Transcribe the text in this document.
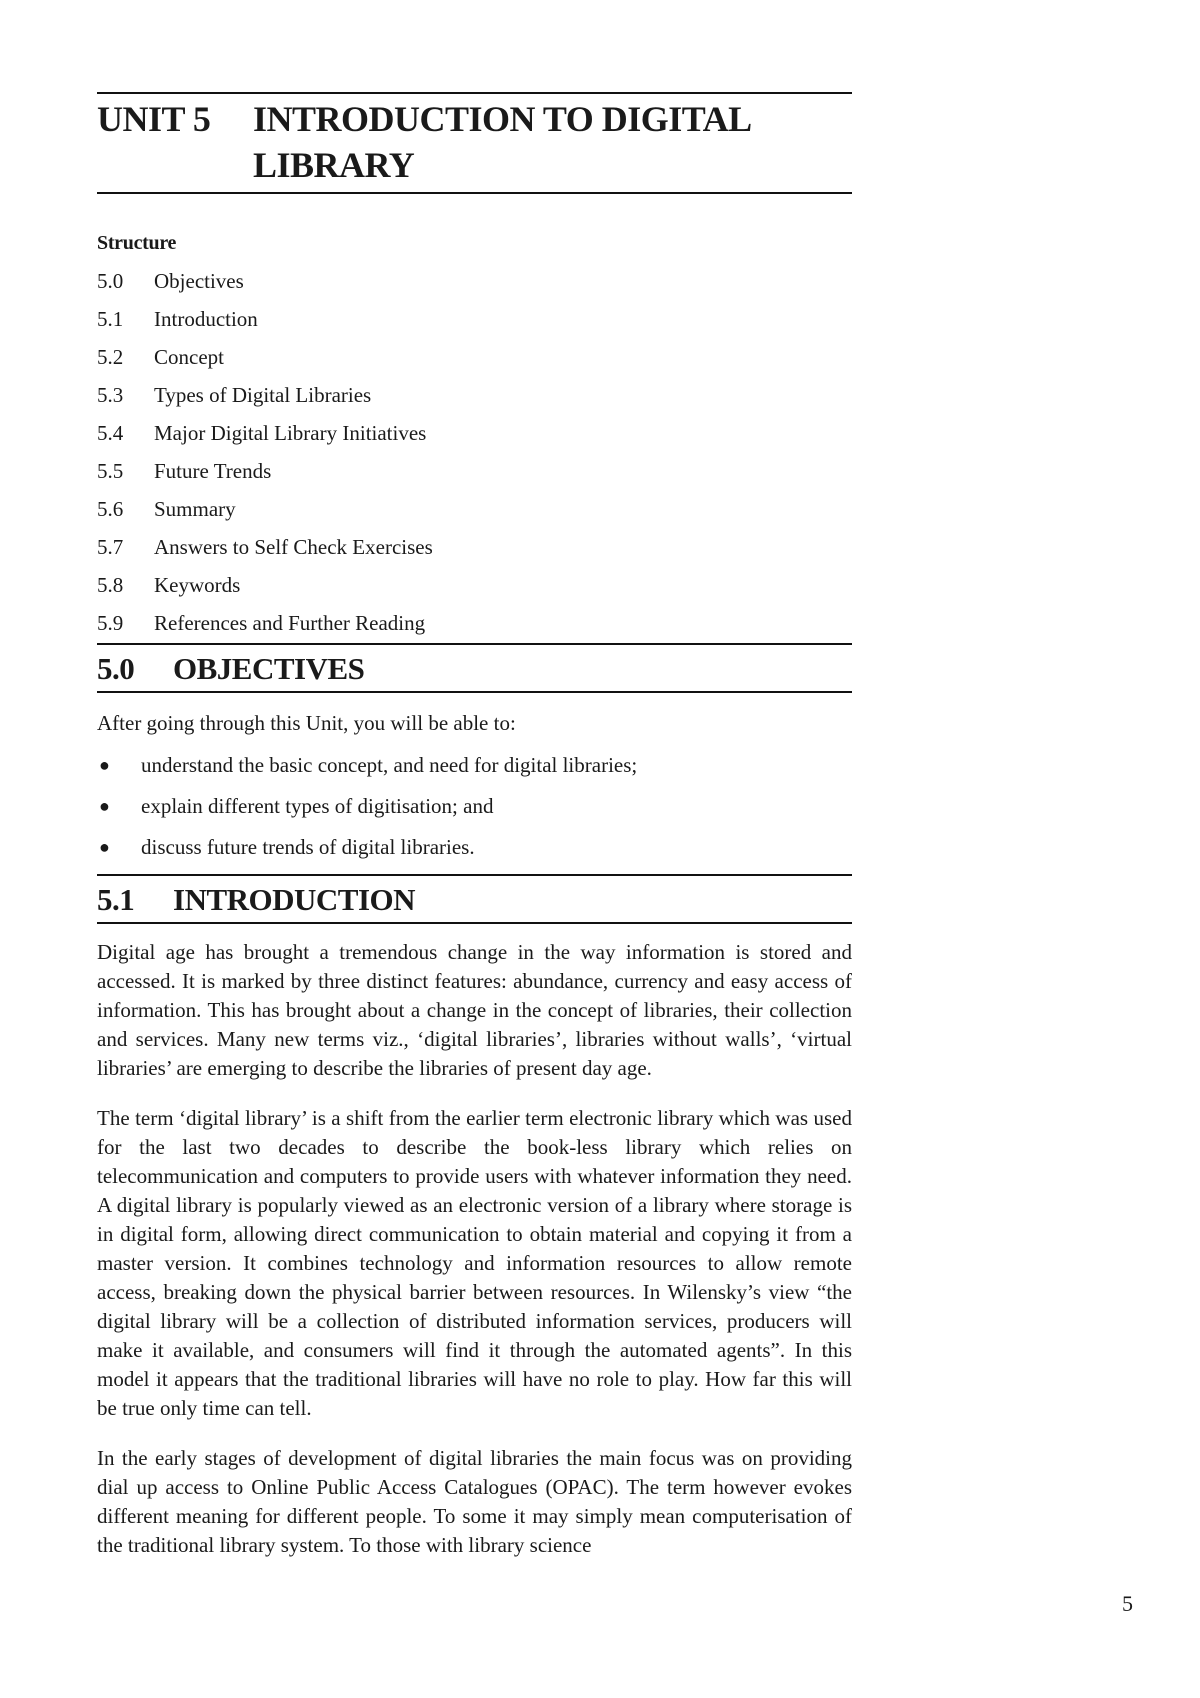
UNIT 5	INTRODUCTION TO DIGITAL
LIBRARY
Structure
5.0	Objectives
5.1	Introduction
5.2	Concept
5.3	Types of Digital Libraries
5.4	Major Digital Library Initiatives
5.5	Future Trends
5.6	Summary
5.7	Answers to Self Check Exercises
5.8	Keywords
5.9	References and Further Reading
5.0	OBJECTIVES

After going through this Unit, you will be able to:

●	understand the basic concept, and need for digital libraries;
●	explain different types of digitisation; and
●	discuss future trends of digital libraries.
5.1	INTRODUCTION

Digital age has brought a tremendous change in the way information is stored and accessed. It is marked by three distinct features: abundance, currency and easy access of information. This has brought about a change in the concept of libraries, their collection and services. Many new terms viz., ‘digital libraries’, libraries without walls’, ‘virtual libraries’ are emerging to describe the libraries of present day age.

The term ‘digital library’ is a shift from the earlier term electronic library which was used for the last two decades to describe the book-less library which relies on telecommunication and computers to provide users with whatever information they need. A digital library is popularly viewed as an electronic version of a library where storage is in digital form, allowing direct communication to obtain material and copying it from a master version. It combines technology and information resources to allow remote access, breaking down the physical barrier between resources. In Wilensky’s view “the digital library will be a collection of distributed information services, producers will make it available, and consumers will find it through the automated agents”. In this model it appears that the traditional libraries will have no role to play. How far this will be true only time can tell.

In the early stages of development of digital libraries the main focus was on providing dial up access to Online Public Access Catalogues (OPAC). The term however evokes different meaning for different people. To some it may simply mean computerisation of the traditional library system. To those with library science

5
